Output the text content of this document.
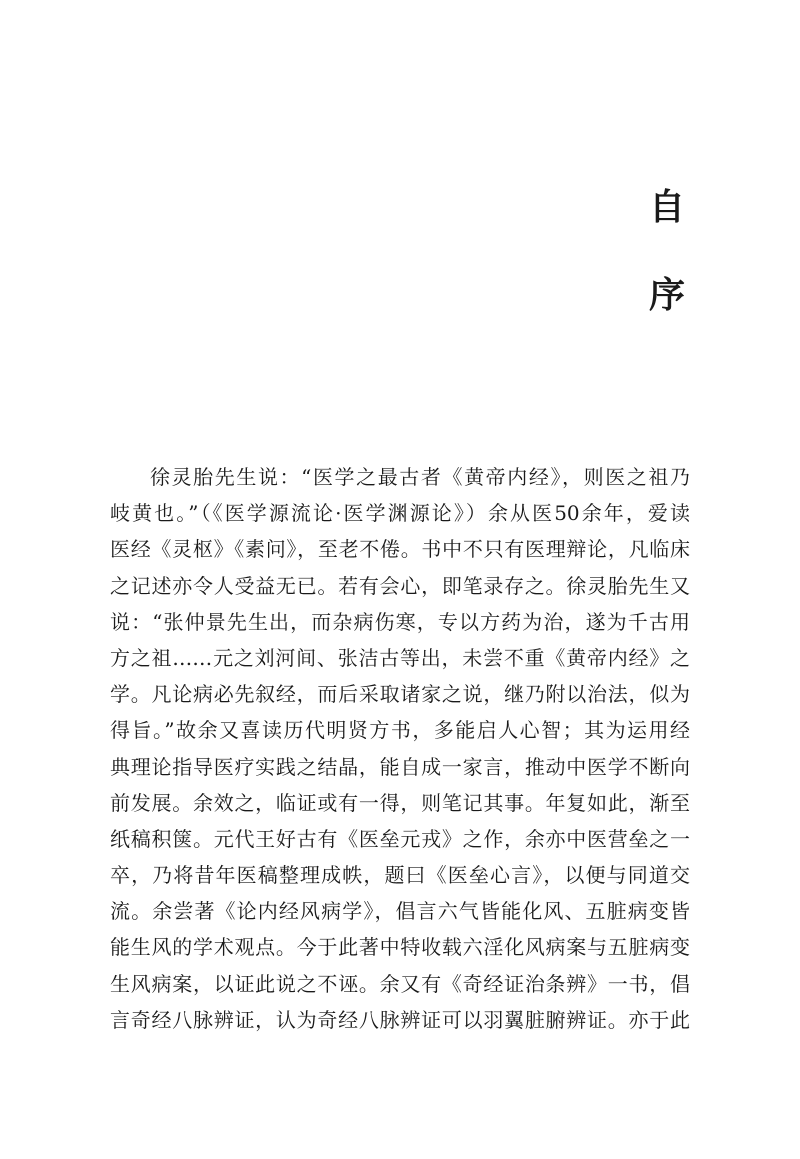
自
序
徐灵胎先生说：“医学之最古者《黄帝内经》，则医之祖乃
岐黄也。”（《医学源流论·医学渊源论》）余从医50余年，爱读
医经《灵枢》《素问》，至老不倦。书中不只有医理辩论，凡临床
之记述亦令人受益无已。若有会心，即笔录存之。徐灵胎先生又
说：“张仲景先生出，而杂病伤寒，专以方药为治，遂为千古用
方之祖……元之刘河间、张洁古等出，未尝不重《黄帝内经》之
学。凡论病必先叙经，而后采取诸家之说，继乃附以治法，似为
得旨。”故余又喜读历代明贤方书，多能启人心智；其为运用经
典理论指导医疗实践之结晶，能自成一家言，推动中医学不断向
前发展。余效之，临证或有一得，则笔记其事。年复如此，渐至
纸稿积箧。元代王好古有《医垒元戎》之作，余亦中医营垒之一
卒，乃将昔年医稿整理成帙，题曰《医垒心言》，以便与同道交
流。余尝著《论内经风病学》，倡言六气皆能化风、五脏病变皆
能生风的学术观点。今于此著中特收载六淫化风病案与五脏病变
生风病案，以证此说之不诬。余又有《奇经证治条辨》一书，倡
言奇经八脉辨证，认为奇经八脉辨证可以羽翼脏腑辨证。亦于此
